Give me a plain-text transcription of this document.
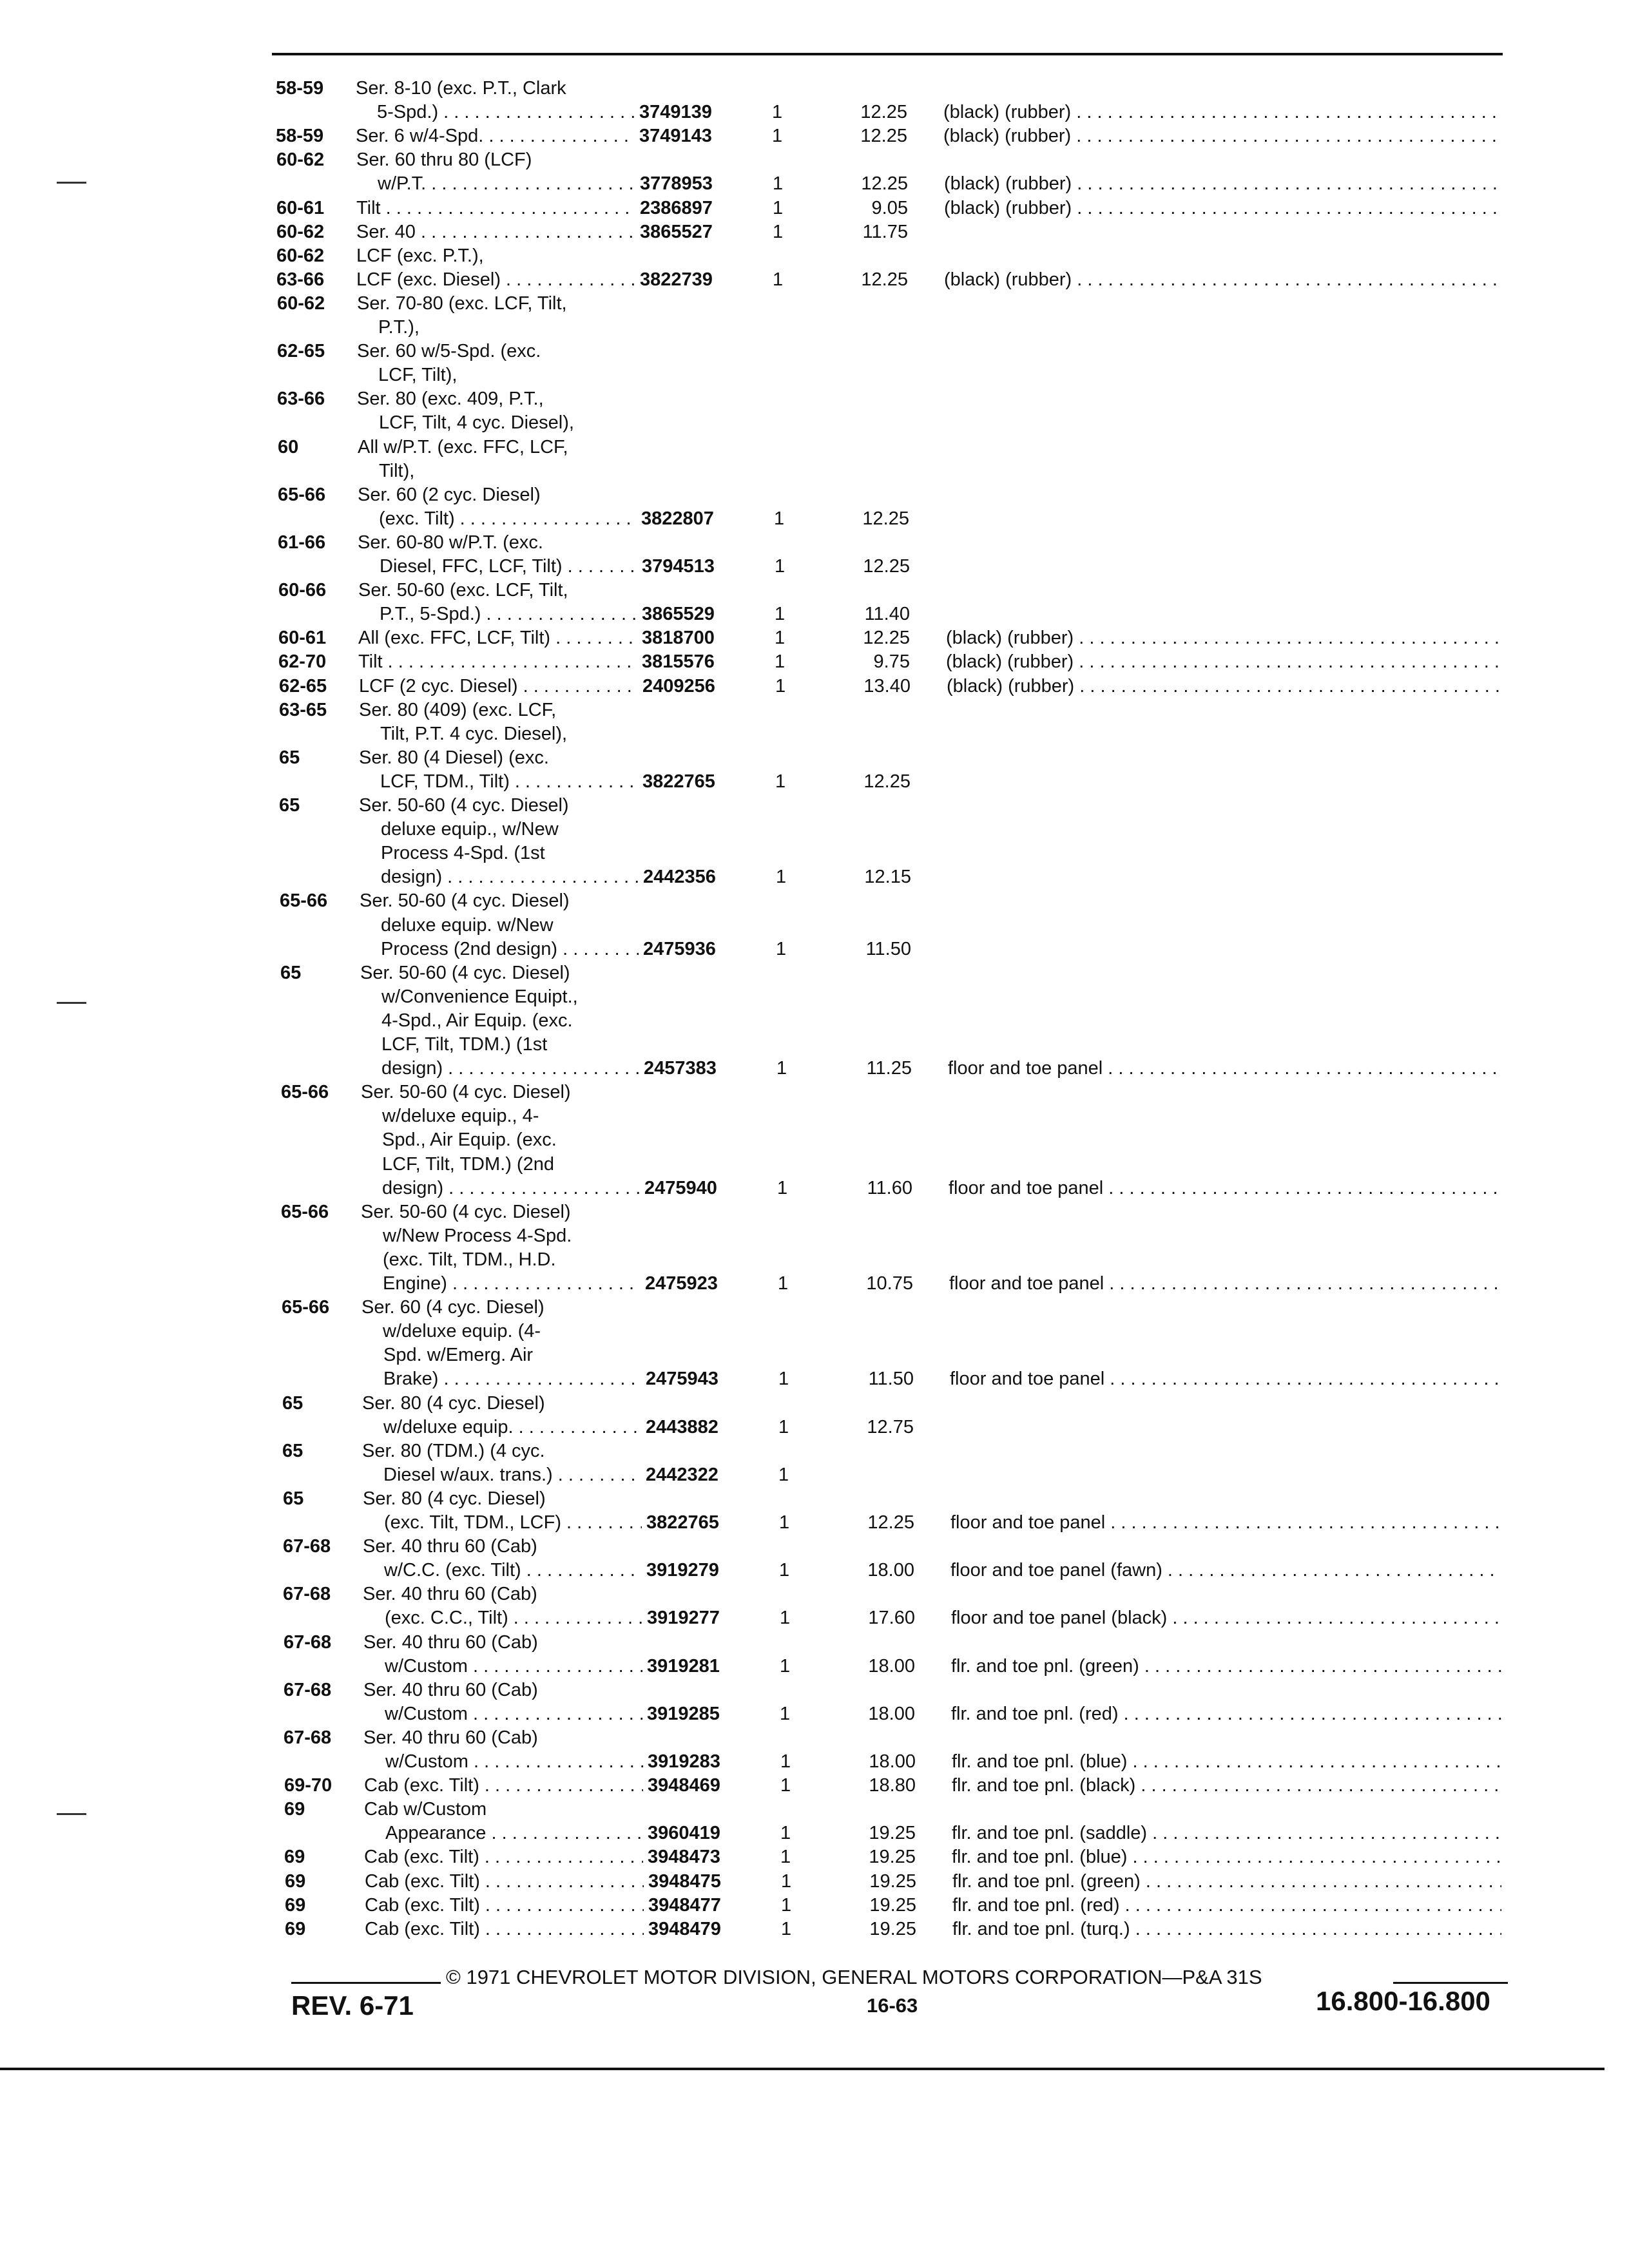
58-59 Ser. 8-10 (exc. P.T., Clark
5-Spd.) . . .	3749139	1	12.25 (black) (rubber) . . .
58-59 Ser. 6 w/4-Spd. . . .	3749143	1	12.25 (black) (rubber) . . .
60-62 Ser. 60 thru 80 (LCF)
w/P.T. . . .	3778953	1	12.25 (black) (rubber) . . .
60-61 Tilt . . .	2386897	1	9.05 (black) (rubber) . . .
60-62 Ser. 40 . . .	3865527	1	11.75
60-62 LCF (exc. P.T.),
63-66 LCF (exc. Diesel) . . .	3822739	1	12.25 (black) (rubber) . . .
60-62 Ser. 70-80 (exc. LCF, Tilt,
P.T.),
62-65 Ser. 60 w/5-Spd. (exc.
LCF, Tilt),
63-66 Ser. 80 (exc. 409, P.T.,
LCF, Tilt, 4 cyc. Diesel),
60	All w/P.T. (exc. FFC, LCF,
Tilt),
65-66 Ser. 60 (2 cyc. Diesel)
(exc. Tilt) . . .	3822807	1	12.25
61-66 Ser. 60-80 w/P.T. (exc.
Diesel, FFC, LCF, Tilt) . . .	3794513	1	12.25
60-66 Ser. 50-60 (exc. LCF, Tilt,
P.T., 5-Spd.) . . .	3865529	1	11.40
60-61 All (exc. FFC, LCF, Tilt) . . .	3818700	1	12.25 (black) (rubber) . . .
62-70 Tilt . . .	3815576	1	9.75 (black) (rubber) . . .
62-65 LCF (2 cyc. Diesel) . . .	2409256	1	13.40 (black) (rubber) . . .
63-65 Ser. 80 (409) (exc. LCF,
Tilt, P.T. 4 cyc. Diesel),
65	Ser. 80 (4 Diesel) (exc.
LCF, TDM., Tilt) . . .	3822765	1	12.25
65	Ser. 50-60 (4 cyc. Diesel)
deluxe equip., w/New
Process 4-Spd. (1st
design) . . .	2442356	1	12.15
65-66 Ser. 50-60 (4 cyc. Diesel)
deluxe equip. w/New
Process (2nd design) . . .	2475936	1	11.50
65	Ser. 50-60 (4 cyc. Diesel)
w/Convenience Equipt.,
4-Spd., Air Equip. (exc.
LCF, Tilt, TDM.) (1st
design) . . .	2457383	1	11.25 floor and toe panel . . .
65-66 Ser. 50-60 (4 cyc. Diesel)
w/deluxe equip., 4-
Spd., Air Equip. (exc.
LCF, Tilt, TDM.) (2nd
design) . . .	2475940	1	11.60 floor and toe panel . . .
65-66 Ser. 50-60 (4 cyc. Diesel)
w/New Process 4-Spd.
(exc. Tilt, TDM., H.D.
Engine) . . .	2475923	1	10.75 floor and toe panel . . .
65-66 Ser. 60 (4 cyc. Diesel)
w/deluxe equip. (4-
Spd. w/Emerg. Air
Brake) . . .	2475943	1	11.50 floor and toe panel . . .
65	Ser. 80 (4 cyc. Diesel)
w/deluxe equip. . . .	2443882	1	12.75
65	Ser. 80 (TDM.) (4 cyc.
Diesel w/aux. trans.) . . .	2442322	1
65	Ser. 80 (4 cyc. Diesel)
(exc. Tilt, TDM., LCF) . . .	3822765	1	12.25 floor and toe panel . . .
67-68 Ser. 40 thru 60 (Cab)
w/C.C. (exc. Tilt) . . .	3919279	1	18.00 floor and toe panel (fawn) . . .
67-68 Ser. 40 thru 60 (Cab)
(exc. C.C., Tilt) . . .	3919277	1	17.60 floor and toe panel (black) . . .
67-68 Ser. 40 thru 60 (Cab)
w/Custom . . .	3919281	1	18.00 flr. and toe pnl. (green) . . .
67-68 Ser. 40 thru 60 (Cab)
w/Custom . . .	3919285	1	18.00 flr. and toe pnl. (red) . . .
67-68 Ser. 40 thru 60 (Cab)
w/Custom . . .	3919283	1	18.00 flr. and toe pnl. (blue) . . .
69-70 Cab (exc. Tilt) . . .	3948469	1	18.80 flr. and toe pnl. (black) . . .
69	Cab w/Custom
Appearance . . .	3960419	1	19.25 flr. and toe pnl. (saddle) . . .
69	Cab (exc. Tilt) . . .	3948473	1	19.25 flr. and toe pnl. (blue) . . .
69	Cab (exc. Tilt) . . .	3948475	1	19.25 flr. and toe pnl. (green) . . .
69	Cab (exc. Tilt) . . .	3948477	1	19.25 flr. and toe pnl. (red) . . .
69	Cab (exc. Tilt) . . .	3948479	1	19.25 flr. and toe pnl. (turq.) . . .
© 1971 CHEVROLET MOTOR DIVISION, GENERAL MOTORS CORPORATION—P&A 31S
REV. 6-71	16-63	16.800-16.800
